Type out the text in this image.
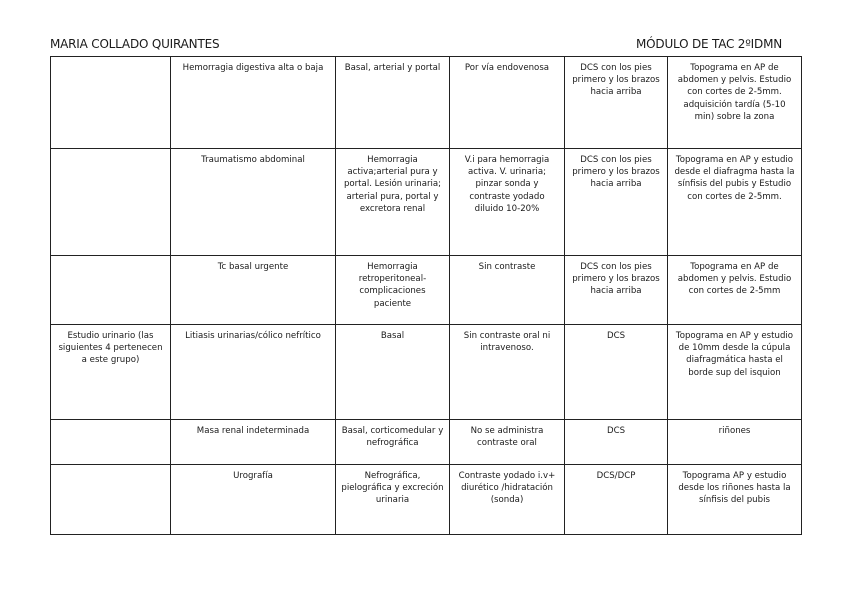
MARIA COLLADO QUIRANTES	MÓDULO DE TAC 2ºIDMN
	Hemorragia digestiva alta o baja	Basal, arterial y portal	Por vía endovenosa	DCS con los pies primero y los brazos hacia arriba	Topograma en AP de abdomen y pelvis. Estudio con cortes de 2-5mm. adquisición tardía (5-10 min) sobre la zona
	Traumatismo abdominal	Hemorragia activa;arterial pura y portal. Lesión urinaria; arterial pura, portal y excretora renal	V.i para hemorragia activa. V. urinaria; pinzar sonda y contraste yodado diluido 10-20%	DCS con los pies primero y los brazos hacia arriba	Topograma en AP y estudio desde el diafragma hasta la sínfisis del pubis y Estudio con cortes de 2-5mm.
	Tc basal urgente	Hemorragia retroperitoneal- complicaciones paciente	Sin contraste	DCS con los pies primero y los brazos hacia arriba	Topograma en AP de abdomen y pelvis. Estudio con cortes de 2-5mm
Estudio urinario (las siguientes 4 pertenecen a este grupo)	Litiasis urinarias/cólico nefrítico	Basal	Sin contraste oral ni intravenoso.	DCS	Topograma en AP y estudio de 10mm desde la cúpula diafragmática hasta el borde sup del isquion
	Masa renal indeterminada	Basal, corticomedular y nefrográfica	No se administra contraste oral	DCS	riñones
	Urografía	Nefrográfica, pielográfica y excreción urinaria	Contraste yodado i.v+ diurético /hidratación (sonda)	DCS/DCP	Topograma AP y estudio desde los riñones hasta la sínfisis del pubis
